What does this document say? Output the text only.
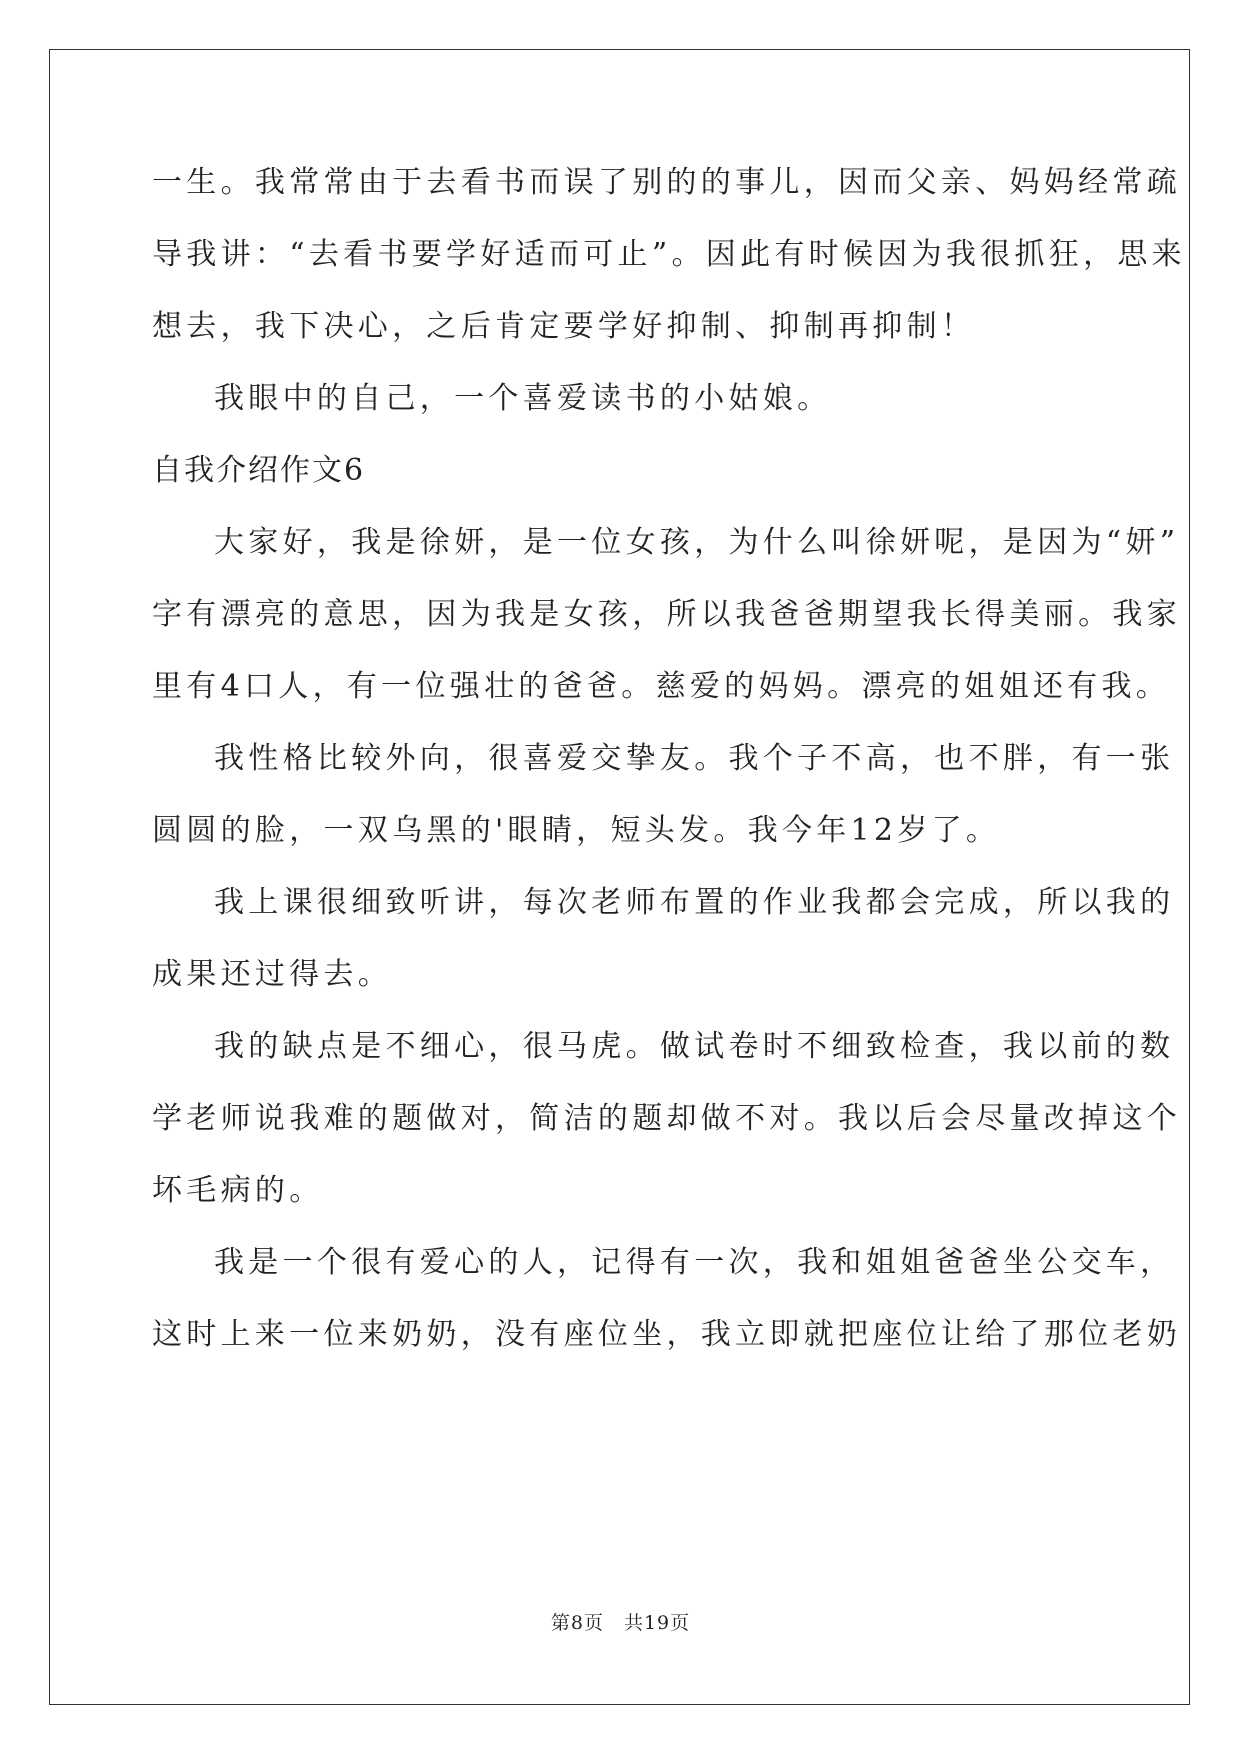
一生。我常常由于去看书而误了别的的事儿，因而父亲、妈妈经常疏
导我讲：“去看书要学好适而可止”。因此有时候因为我很抓狂，思来
想去，我下决心，之后肯定要学好抑制、抑制再抑制！
我眼中的自己，一个喜爱读书的小姑娘。
自我介绍作文6
大家好，我是徐妍，是一位女孩，为什么叫徐妍呢，是因为“妍”
字有漂亮的意思，因为我是女孩，所以我爸爸期望我长得美丽。我家
里有4口人，有一位强壮的爸爸。慈爱的妈妈。漂亮的姐姐还有我。
我性格比较外向，很喜爱交挚友。我个子不高，也不胖，有一张
圆圆的脸，一双乌黑的'眼睛，短头发。我今年12岁了。
我上课很细致听讲，每次老师布置的作业我都会完成，所以我的
成果还过得去。
我的缺点是不细心，很马虎。做试卷时不细致检查，我以前的数
学老师说我难的题做对，简洁的题却做不对。我以后会尽量改掉这个
坏毛病的。
我是一个很有爱心的人，记得有一次，我和姐姐爸爸坐公交车，
这时上来一位来奶奶，没有座位坐，我立即就把座位让给了那位老奶
第8页　共19页
